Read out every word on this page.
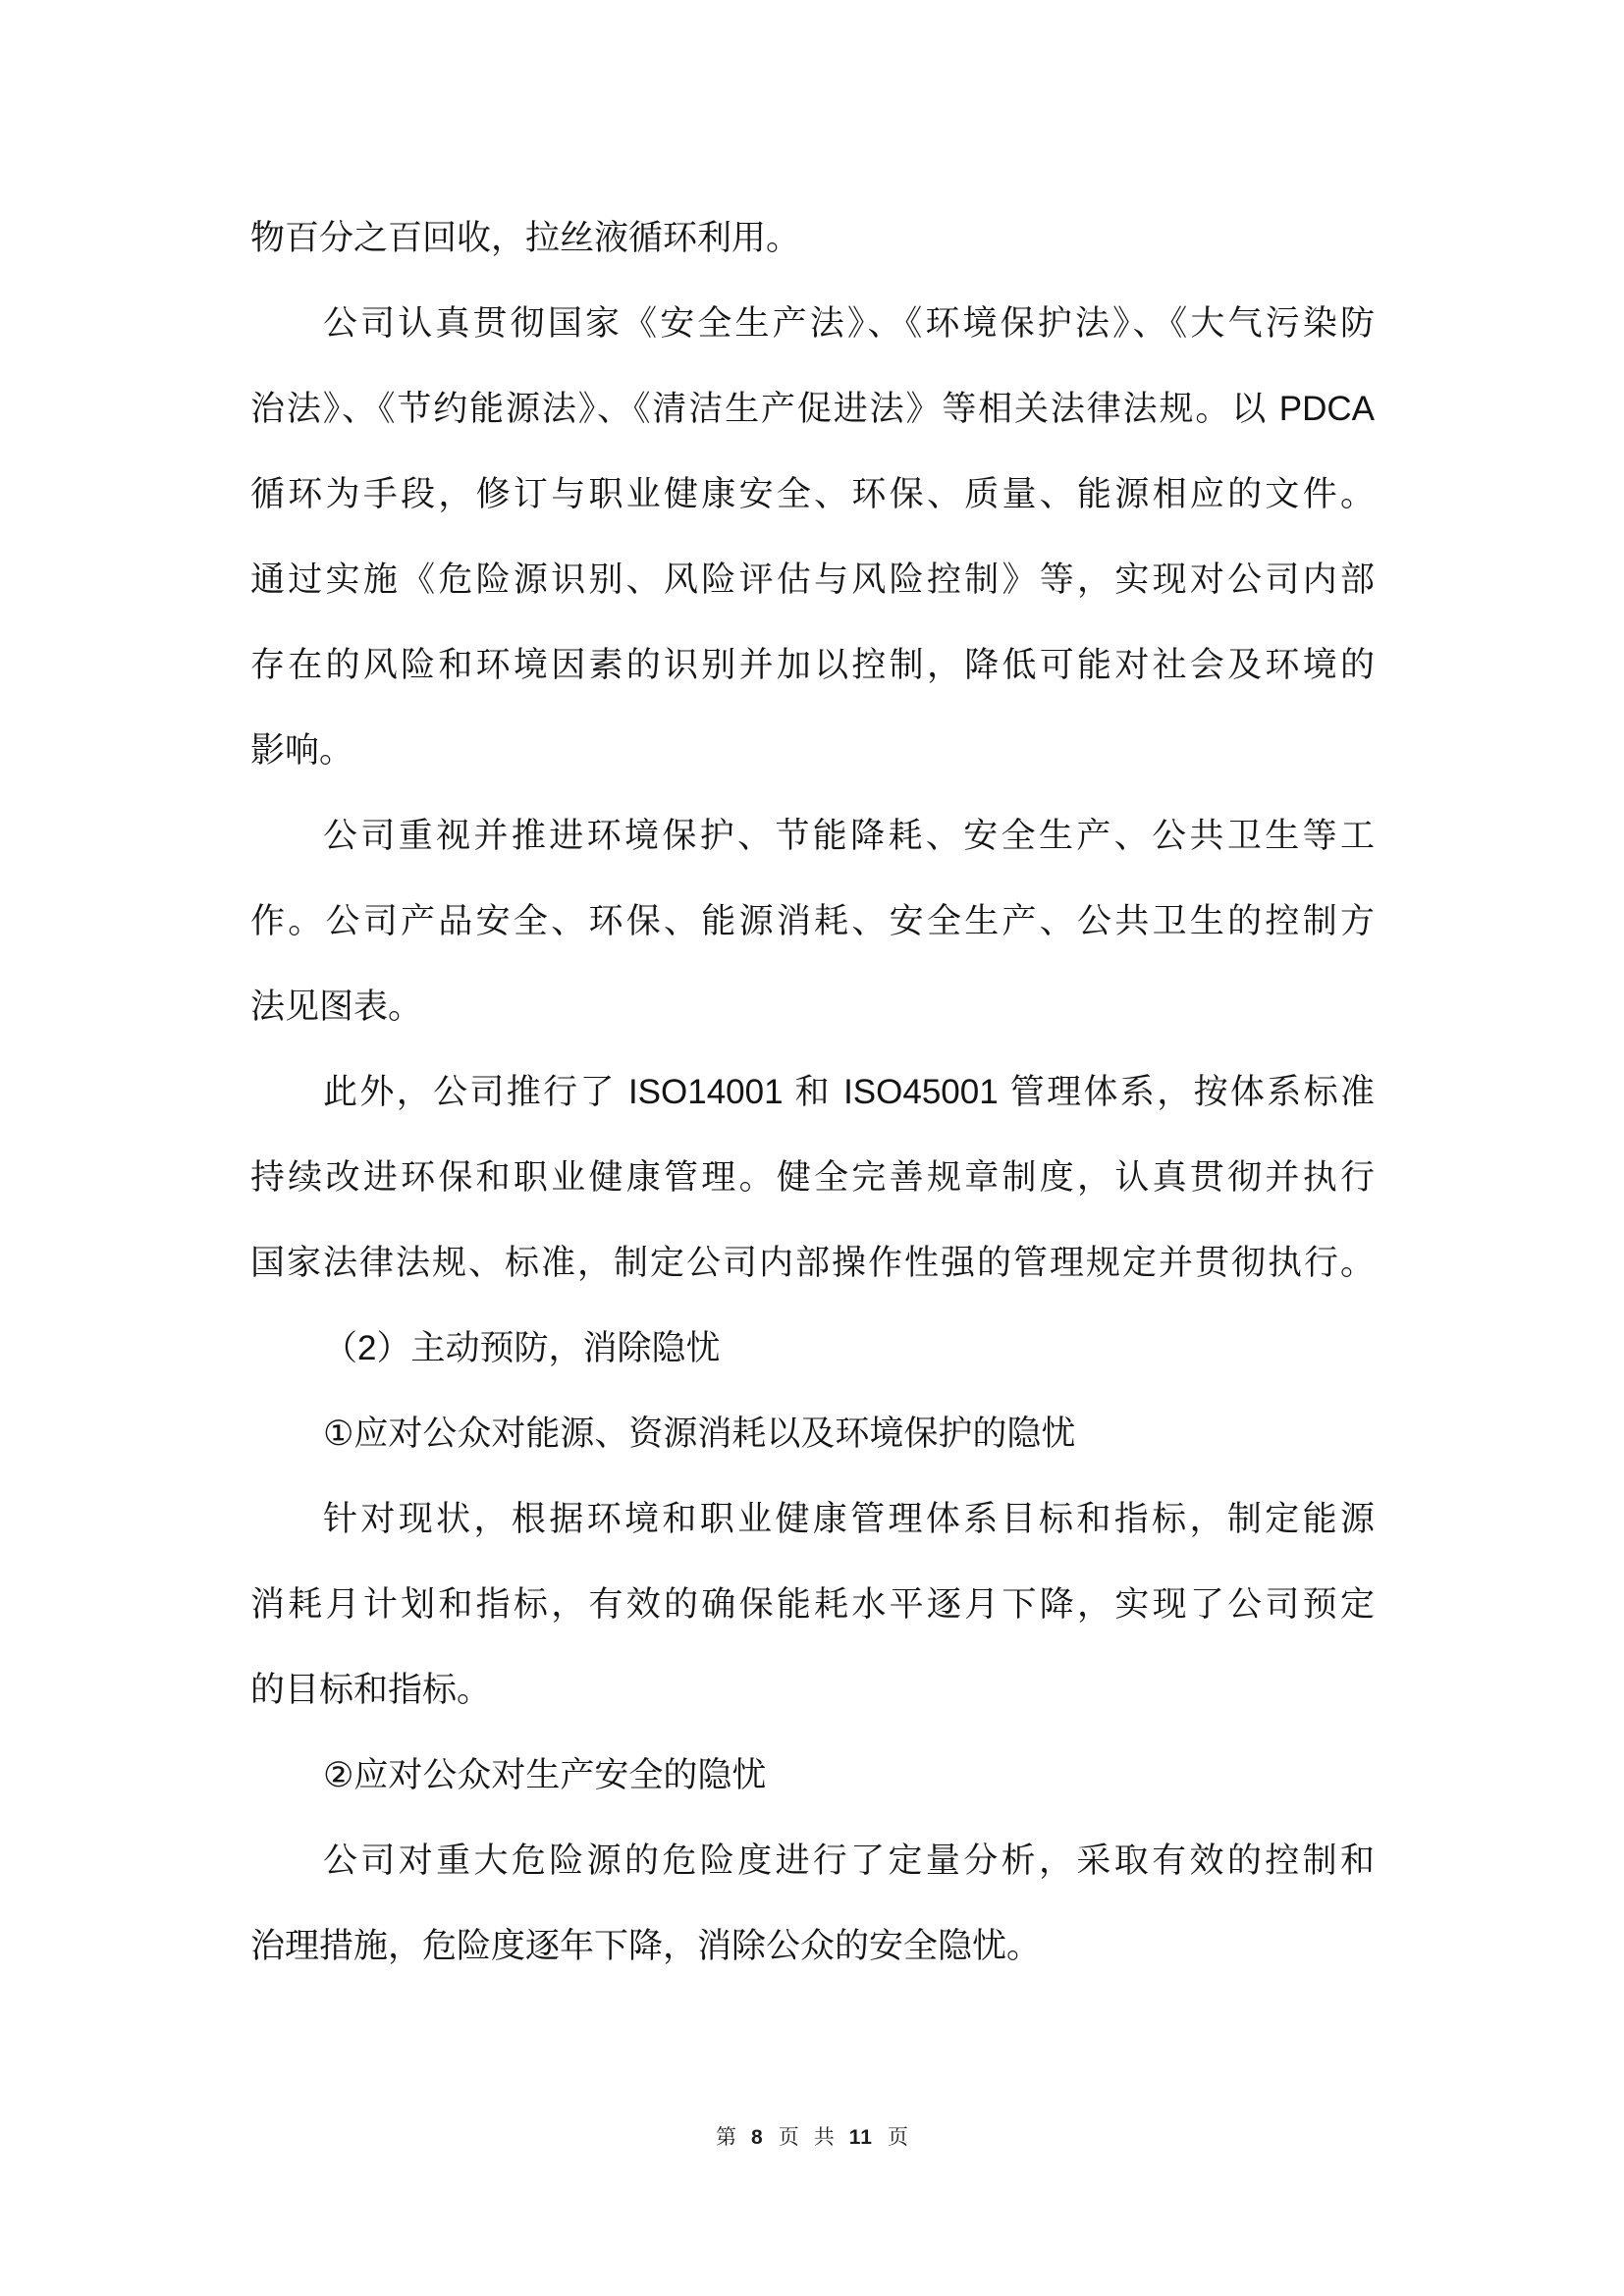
物百分之百回收，拉丝液循环利用。
公司认真贯彻国家《安全生产法》、《环境保护法》、《大气污染防
治法》、《节约能源法》、《清洁生产促进法》等相关法律法规。以 PDCA
循环为手段，修订与职业健康安全、环保、质量、能源相应的文件。
通过实施《危险源识别、风险评估与风险控制》等，实现对公司内部
存在的风险和环境因素的识别并加以控制，降低可能对社会及环境的
影响。
公司重视并推进环境保护、节能降耗、安全生产、公共卫生等工
作。公司产品安全、环保、能源消耗、安全生产、公共卫生的控制方
法见图表。
此外，公司推行了 ISO14001 和 ISO45001 管理体系，按体系标准
持续改进环保和职业健康管理。健全完善规章制度，认真贯彻并执行
国家法律法规、标准，制定公司内部操作性强的管理规定并贯彻执行。
（2）主动预防，消除隐忧
①应对公众对能源、资源消耗以及环境保护的隐忧
针对现状，根据环境和职业健康管理体系目标和指标，制定能源
消耗月计划和指标，有效的确保能耗水平逐月下降，实现了公司预定
的目标和指标。
②应对公众对生产安全的隐忧
公司对重大危险源的危险度进行了定量分析，采取有效的控制和
治理措施，危险度逐年下降，消除公众的安全隐忧。
第 8 页 共 11 页
